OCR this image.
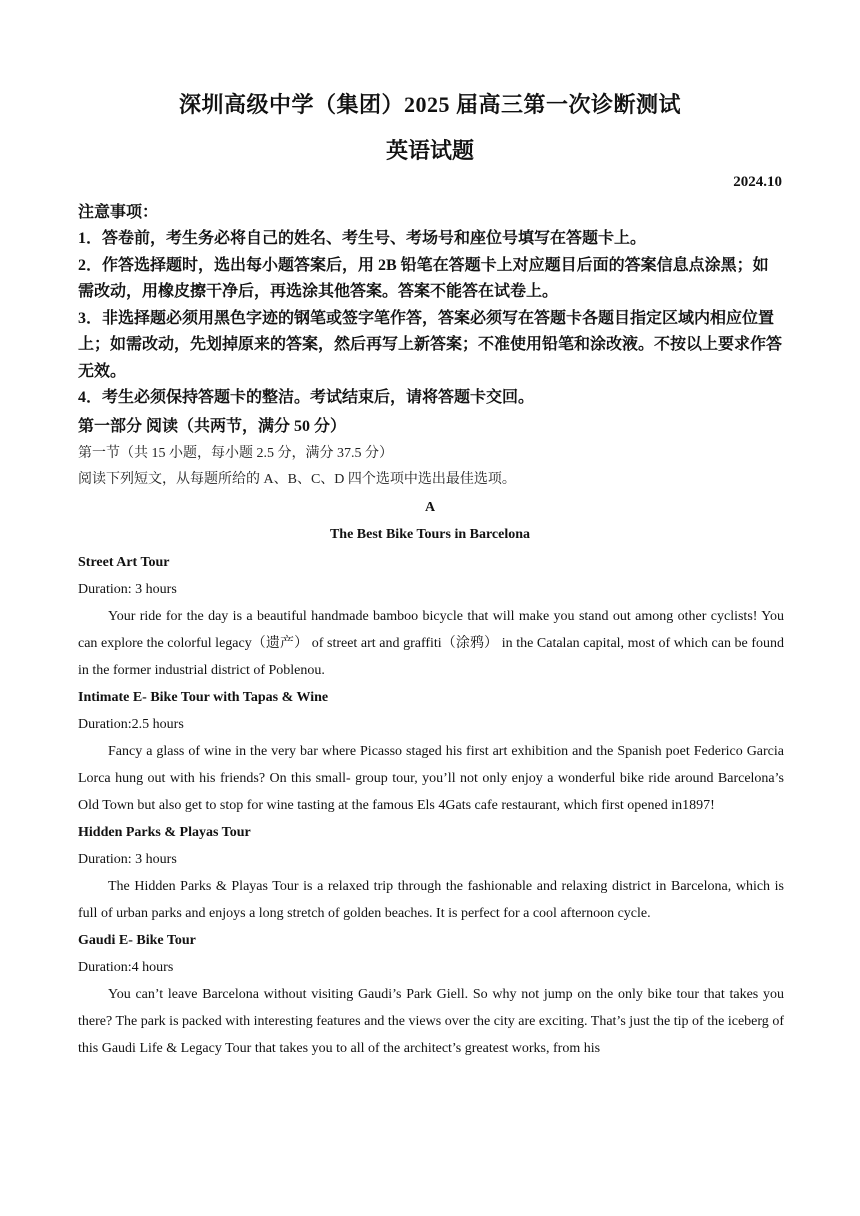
深圳高级中学（集团）2025 届高三第一次诊断测试
英语试题
2024.10
注意事项：

1．答卷前，考生务必将自己的姓名、考生号、考场号和座位号填写在答题卡上。

2．作答选择题时，选出每小题答案后，用 2B 铅笔在答题卡上对应题目后面的答案信息点涂黑；如需改动，用橡皮擦干净后，再选涂其他答案。答案不能答在试卷上。

3．非选择题必须用黑色字迹的钢笔或签字笔作答，答案必须写在答题卡各题目指定区域内相应位置上；如需改动，先划掉原来的答案，然后再写上新答案；不准使用铅笔和涂改液。不按以上要求作答无效。

4．考生必须保持答题卡的整洁。考试结束后，请将答题卡交回。

第一部分 阅读（共两节，满分 50 分）
第一节（共 15 小题，每小题 2.5 分，满分 37.5 分）
阅读下列短文，从每题所给的 A、B、C、D 四个选项中选出最佳选项。
A
The Best Bike Tours in Barcelona

Street Art Tour

Duration: 3 hours

Your ride for the day is a beautiful handmade bamboo bicycle that will make you stand out among other cyclists! You can explore the colorful legacy（遗产） of street art and graffiti（涂鸦） in the Catalan capital, most of which can be found in the former industrial district of Poblenou.

Intimate E- Bike Tour with Tapas & Wine

Duration:2.5 hours

Fancy a glass of wine in the very bar where Picasso staged his first art exhibition and the Spanish poet Federico Garcia Lorca hung out with his friends? On this small- group tour, you’ll not only enjoy a wonderful bike ride around Barcelona’s Old Town but also get to stop for wine tasting at the famous Els 4Gats cafe restaurant, which first opened in1897!

Hidden Parks & Playas Tour

Duration: 3 hours

The Hidden Parks & Playas Tour is a relaxed trip through the fashionable and relaxing district in Barcelona, which is full of urban parks and enjoys a long stretch of golden beaches. It is perfect for a cool afternoon cycle.

Gaudi E- Bike Tour

Duration:4 hours

You can’t leave Barcelona without visiting Gaudi’s Park Giell. So why not jump on the only bike tour that takes you there? The park is packed with interesting features and the views over the city are exciting. That’s just the tip of the iceberg of this Gaudi Life & Legacy Tour that takes you to all of the architect’s greatest works, from his
